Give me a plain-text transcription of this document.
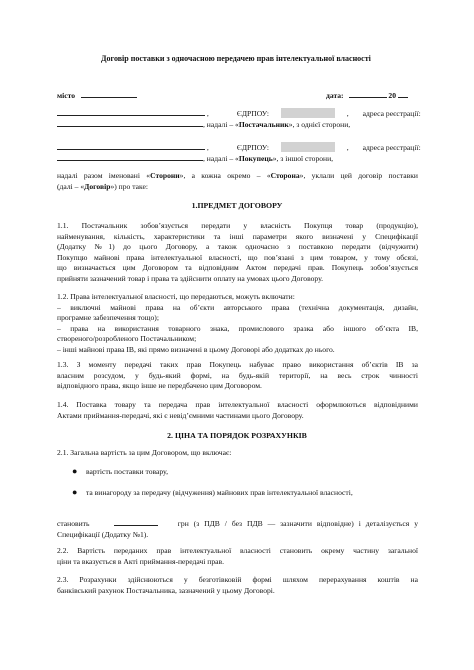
Договір поставки з одночасною передачею прав інтелектуальної власності
місто	дата:	20
,	ЄДРПОУ:	, адреса реєстрації:
, надалі – «Постачальник», з однієї сторони,
,	ЄДРПОУ:	, адреса реєстрації:
, надалі – «Покупець», з іншої сторони,
надалі разом іменовані «Сторони», а кожна окремо – «Сторона», уклали цей договір поставки
(далі – «Договір») про таке:
1.ПРЕДМЕТ ДОГОВОРУ
1.1. Постачальник зобов’язується передати у власність Покупця товар (продукцію),
найменування, кількість, характеристики та інші параметри якого визначені у Специфікації
(Додатку №1) до цього Договору, а також одночасно з поставкою передати (відчужити)
Покупцю майнові права інтелектуальної власності, що пов’язані з цим товаром, у тому обсязі,
що визначається цим Договором та відповідним Актом передачі прав. Покупець зобов’язується
прийняти зазначений товар і права та здійснити оплату на умовах цього Договору.
1.2. Права інтелектуальної власності, що передаються, можуть включати:
– виключні майнові права на об’єкти авторського права (технічна документація, дизайн,
програмне забезпечення тощо);
– права на використання товарного знака, промислового зразка або іншого об’єкта ІВ,
створеного/розробленого Постачальником;
– інші майнові права ІВ, які прямо визначені в цьому Договорі або додатках до нього.
1.3. З моменту передачі таких прав Покупець набуває право використання об’єктів ІВ за
власним розсудом, у будь-який формі, на будь-якій території, на весь строк чинності
відповідного права, якщо інше не передбачено цим Договором.
1.4. Поставка товару та передача прав інтелектуальної власності оформлюються відповідними
Актами приймання-передачі, які є невід’ємними частинами цього Договору.
2. ЦІНА ТА ПОРЯДОК РОЗРАХУНКІВ
2.1. Загальна вартість за цим Договором, що включає:
● вартість поставки товару,
● та винагороду за передачу (відчуження) майнових прав інтелектуальної власності,
становить	грн (з ПДВ / без ПДВ — зазначити відповідне) і деталізується у
Специфікації (Додатку №1).
2.2. Вартість переданих прав інтелектуальної власності становить окрему частину загальної
ціни та вказується в Акті приймання-передачі прав.
2.3. Розрахунки здійснюються у безготівковій формі шляхом перерахування коштів на
банківський рахунок Постачальника, зазначений у цьому Договорі.
